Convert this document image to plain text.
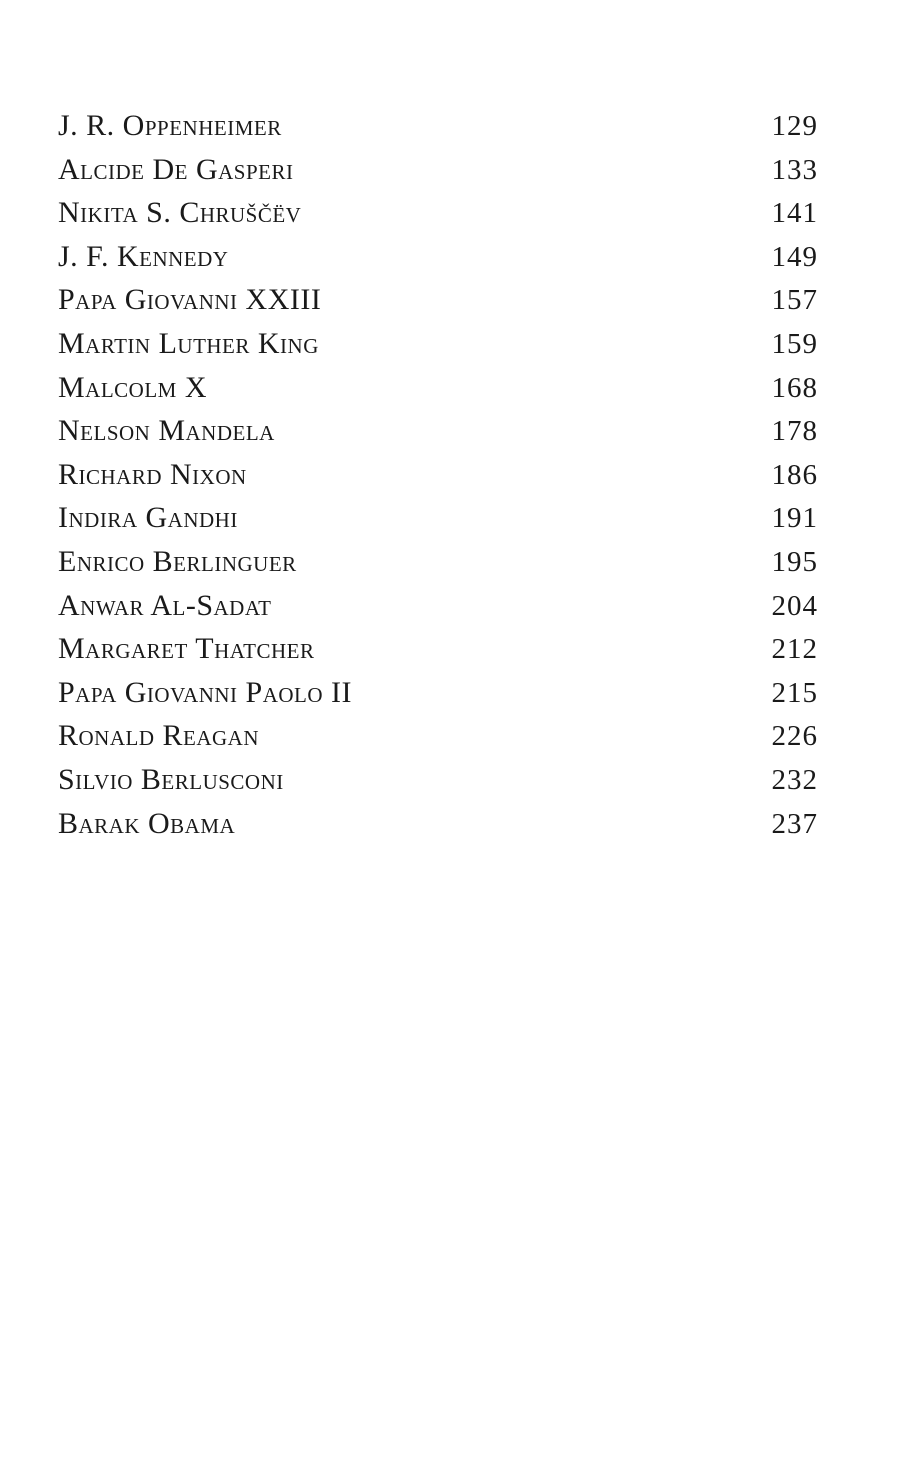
J. R. Oppenheimer	129
Alcide De Gasperi	133
Nikita S. Chruščëv	141
J. F. Kennedy	149
Papa Giovanni XXIII	157
Martin Luther King	159
Malcolm X	168
Nelson Mandela	178
Richard Nixon	186
Indira Gandhi	191
Enrico Berlinguer	195
Anwar Al-Sadat	204
Margaret Thatcher	212
Papa Giovanni Paolo II	215
Ronald Reagan	226
Silvio Berlusconi	232
Barak Obama	237
